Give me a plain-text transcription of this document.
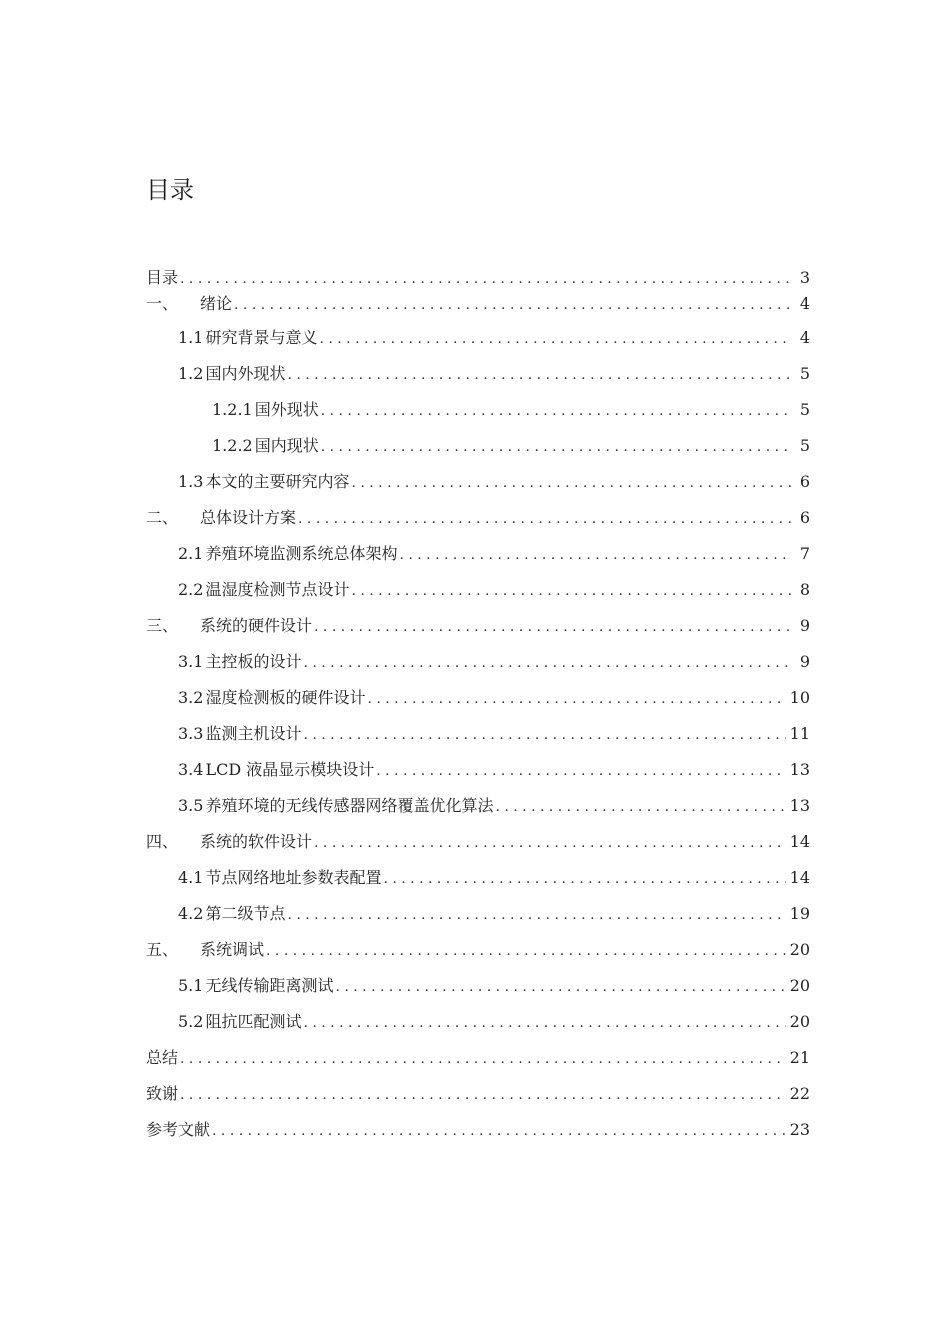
目录
目录 . . .	3
一、	绪论 . . .	4
1.1 研究背景与意义 . . .	4
1.2 国内外现状 . . .	5
1.2.1 国外现状 . . .	5
1.2.2 国内现状 . . .	5
1.3 本文的主要研究内容 . . .	6
二、	总体设计方案 . . .	6
2.1 养殖环境监测系统总体架构 . . .	7
2.2 温湿度检测节点设计 . . .	8
三、	系统的硬件设计 . . .	9
3.1 主控板的设计 . . .	9
3.2 湿度检测板的硬件设计 . . .	10
3.3 监测主机设计 . . .	11
3.4 LCD 液晶显示模块设计 . . .	13
3.5 养殖环境的无线传感器网络覆盖优化算法 . . .	13
四、	系统的软件设计 . . .	14
4.1 节点网络地址参数表配置 . . .	14
4.2 第二级节点 . . .	19
五、	系统调试 . . .	20
5.1 无线传输距离测试 . . .	20
5.2 阻抗匹配测试 . . .	20
总结 . . .	21
致谢 . . .	22
参考文献 . . .	23
